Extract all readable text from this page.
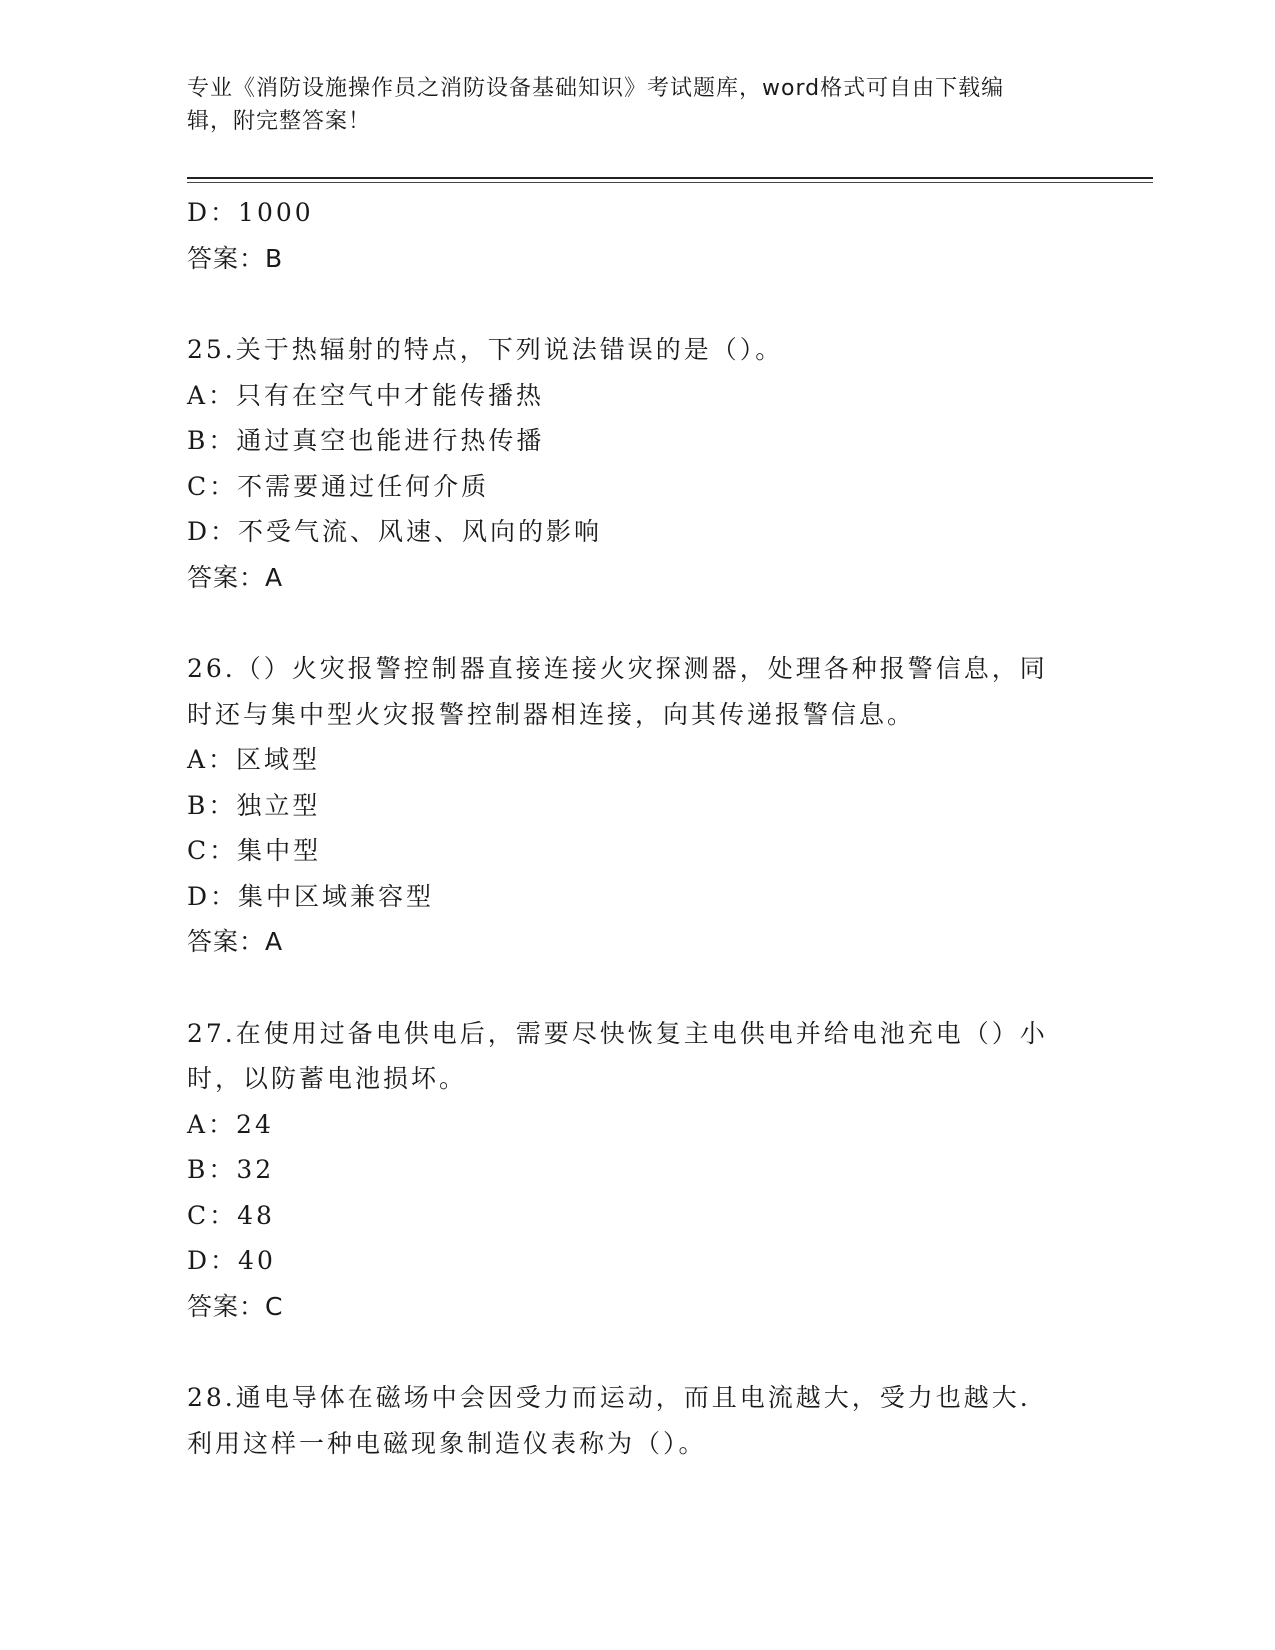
专业《消防设施操作员之消防设备基础知识》考试题库，word格式可自由下载编
辑，附完整答案！

D：1000

答案：B

25.关于热辐射的特点，下列说法错误的是（）。

A：只有在空气中才能传播热

B：通过真空也能进行热传播

C：不需要通过任何介质

D：不受气流、风速、风向的影响

答案：A

26.（）火灾报警控制器直接连接火灾探测器，处理各种报警信息，同

时还与集中型火灾报警控制器相连接，向其传递报警信息。

A：区域型

B：独立型

C：集中型

D：集中区域兼容型

答案：A

27.在使用过备电供电后，需要尽快恢复主电供电并给电池充电（）小

时，以防蓄电池损坏。

A：24

B：32

C：48

D：40

答案：C

28.通电导体在磁场中会因受力而运动，而且电流越大，受力也越大.

利用这样一种电磁现象制造仪表称为（）。
